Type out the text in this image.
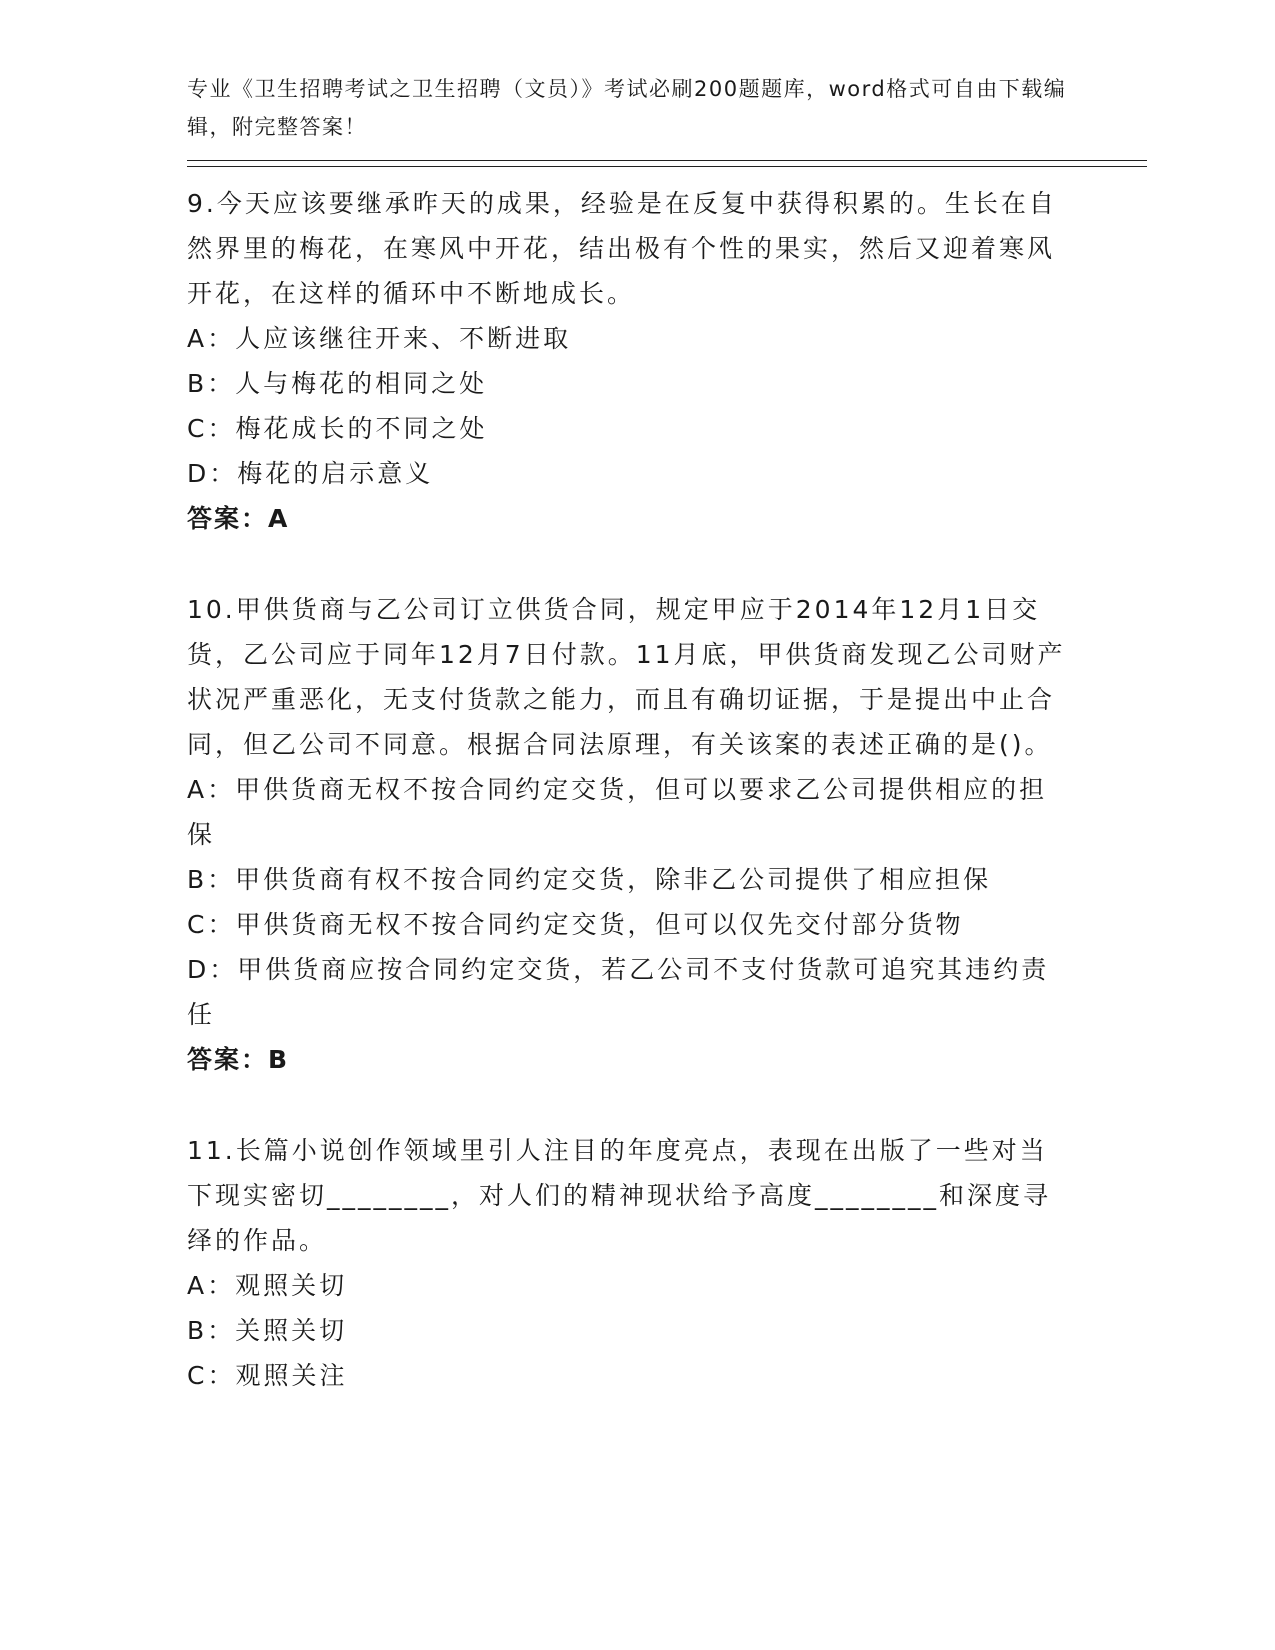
专业《卫生招聘考试之卫生招聘（文员）》考试必刷200题题库，word格式可自由下载编辑，附完整答案！

9.今天应该要继承昨天的成果，经验是在反复中获得积累的。生长在自然界里的梅花，在寒风中开花，结出极有个性的果实，然后又迎着寒风开花，在这样的循环中不断地成长。

A：人应该继往开来、不断进取
B：人与梅花的相同之处
C：梅花成长的不同之处
D：梅花的启示意义

答案：A

10.甲供货商与乙公司订立供货合同，规定甲应于2014年12月1日交货，乙公司应于同年12月7日付款。11月底，甲供货商发现乙公司财产状况严重恶化，无支付货款之能力，而且有确切证据，于是提出中止合同，但乙公司不同意。根据合同法原理，有关该案的表述正确的是()。

A：甲供货商无权不按合同约定交货，但可以要求乙公司提供相应的担保
B：甲供货商有权不按合同约定交货，除非乙公司提供了相应担保
C：甲供货商无权不按合同约定交货，但可以仅先交付部分货物
D：甲供货商应按合同约定交货，若乙公司不支付货款可追究其违约责任

答案：B

11.长篇小说创作领域里引人注目的年度亮点，表现在出版了一些对当下现实密切________，对人们的精神现状给予高度________和深度寻绎的作品。

A：观照关切
B：关照关切
C：观照关注
